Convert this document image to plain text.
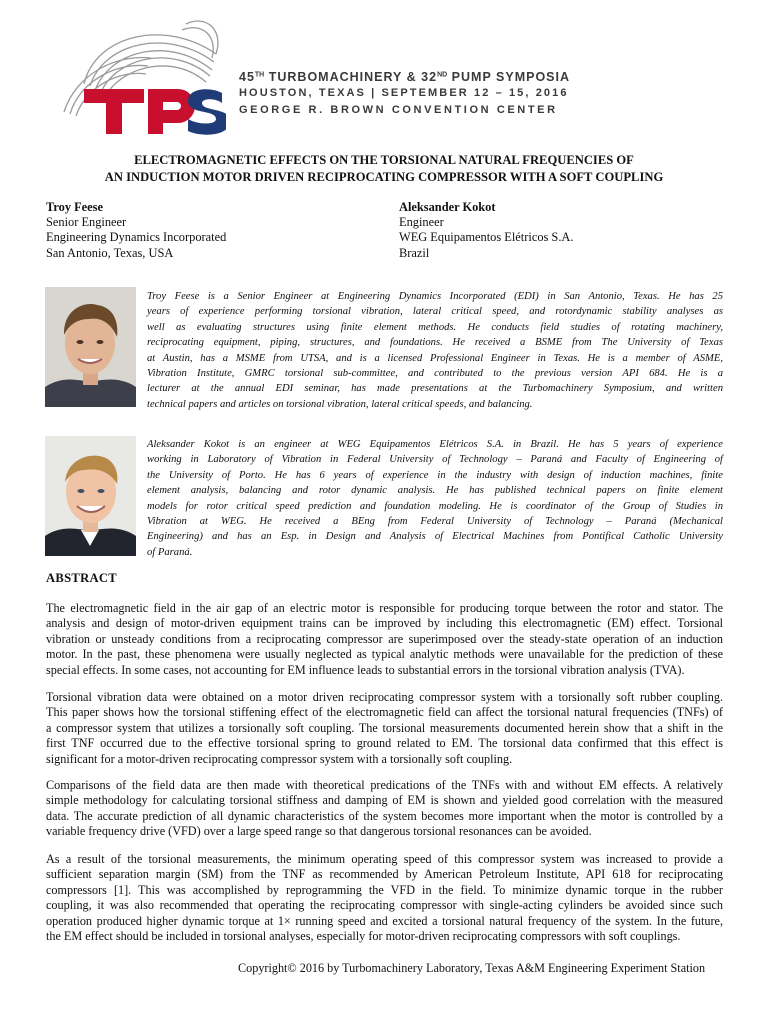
45TH TURBOMACHINERY & 32ND PUMP SYMPOSIA
HOUSTON, TEXAS | SEPTEMBER 12 – 15, 2016
GEORGE R. BROWN CONVENTION CENTER
ELECTROMAGNETIC EFFECTS ON THE TORSIONAL NATURAL FREQUENCIES OF
AN INDUCTION MOTOR DRIVEN RECIPROCATING COMPRESSOR WITH A SOFT COUPLING
Troy Feese
Senior Engineer
Engineering Dynamics Incorporated
San Antonio, Texas, USA
Aleksander Kokot
Engineer
WEG Equipamentos Elétricos S.A.
Brazil
Troy Feese is a Senior Engineer at Engineering Dynamics Incorporated (EDI) in San Antonio, Texas. He has 25
years of experience performing torsional vibration, lateral critical speed, and rotordynamic stability analyses as
well as evaluating structures using finite element methods. He conducts field studies of rotating machinery,
reciprocating equipment, piping, structures, and foundations. He received a BSME from The University of Texas
at Austin, has a MSME from UTSA, and is a licensed Professional Engineer in Texas. He is a member of ASME,
Vibration Institute, GMRC torsional sub-committee, and contributed to the previous version API 684. He is a
lecturer at the annual EDI seminar, has made presentations at the Turbomachinery Symposium, and written
technical papers and articles on torsional vibration, lateral critical speeds, and balancing.
Aleksander Kokot is an engineer at WEG Equipamentos Elétricos S.A. in Brazil. He has 5 years of experience
working in Laboratory of Vibration in Federal University of Technology – Paraná and Faculty of Engineering of
the University of Porto. He has 6 years of experience in the industry with design of induction machines, finite
element analysis, balancing and rotor dynamic analysis. He has published technical papers on finite element
models for rotor critical speed prediction and foundation modeling. He is coordinator of the Group of Studies in
Vibration at WEG. He received a BEng from Federal University of Technology – Paraná (Mechanical
Engineering) and has an Esp. in Design and Analysis of Electrical Machines from Pontifical Catholic University
of Paraná.
ABSTRACT
The electromagnetic field in the air gap of an electric motor is responsible for producing torque between the rotor and stator. The
analysis and design of motor-driven equipment trains can be improved by including this electromagnetic (EM) effect. Torsional
vibration or unsteady conditions from a reciprocating compressor are superimposed over the steady-state operation of an induction
motor. In the past, these phenomena were usually neglected as typical analytic methods were unavailable for the prediction of these
special effects. In some cases, not accounting for EM influence leads to substantial errors in the torsional vibration analysis (TVA).
Torsional vibration data were obtained on a motor driven reciprocating compressor system with a torsionally soft rubber coupling.
This paper shows how the torsional stiffening effect of the electromagnetic field can affect the torsional natural frequencies (TNFs) of
a compressor system that utilizes a torsionally soft coupling. The torsional measurements documented herein show that a shift in the
first TNF occurred due to the effective torsional spring to ground related to EM. The torsional data confirmed that this effect is
significant for a motor-driven reciprocating compressor system with a torsionally soft coupling.
Comparisons of the field data are then made with theoretical predications of the TNFs with and without EM effects. A relatively
simple methodology for calculating torsional stiffness and damping of EM is shown and yielded good correlation with the measured
data. The accurate prediction of all dynamic characteristics of the system becomes more important when the motor is controlled by a
variable frequency drive (VFD) over a large speed range so that dangerous torsional resonances can be avoided.
As a result of the torsional measurements, the minimum operating speed of this compressor system was increased to provide a
sufficient separation margin (SM) from the TNF as recommended by American Petroleum Institute, API 618 for reciprocating
compressors [1]. This was accomplished by reprogramming the VFD in the field. To minimize dynamic torque in the rubber
coupling, it was also recommended that operating the reciprocating compressor with single-acting cylinders be avoided since such
operation produced higher dynamic torque at 1× running speed and excited a torsional natural frequency of the system. In the future,
the EM effect should be included in torsional analyses, especially for motor-driven reciprocating compressors with soft couplings.
Copyright© 2016 by Turbomachinery Laboratory, Texas A&M Engineering Experiment Station
